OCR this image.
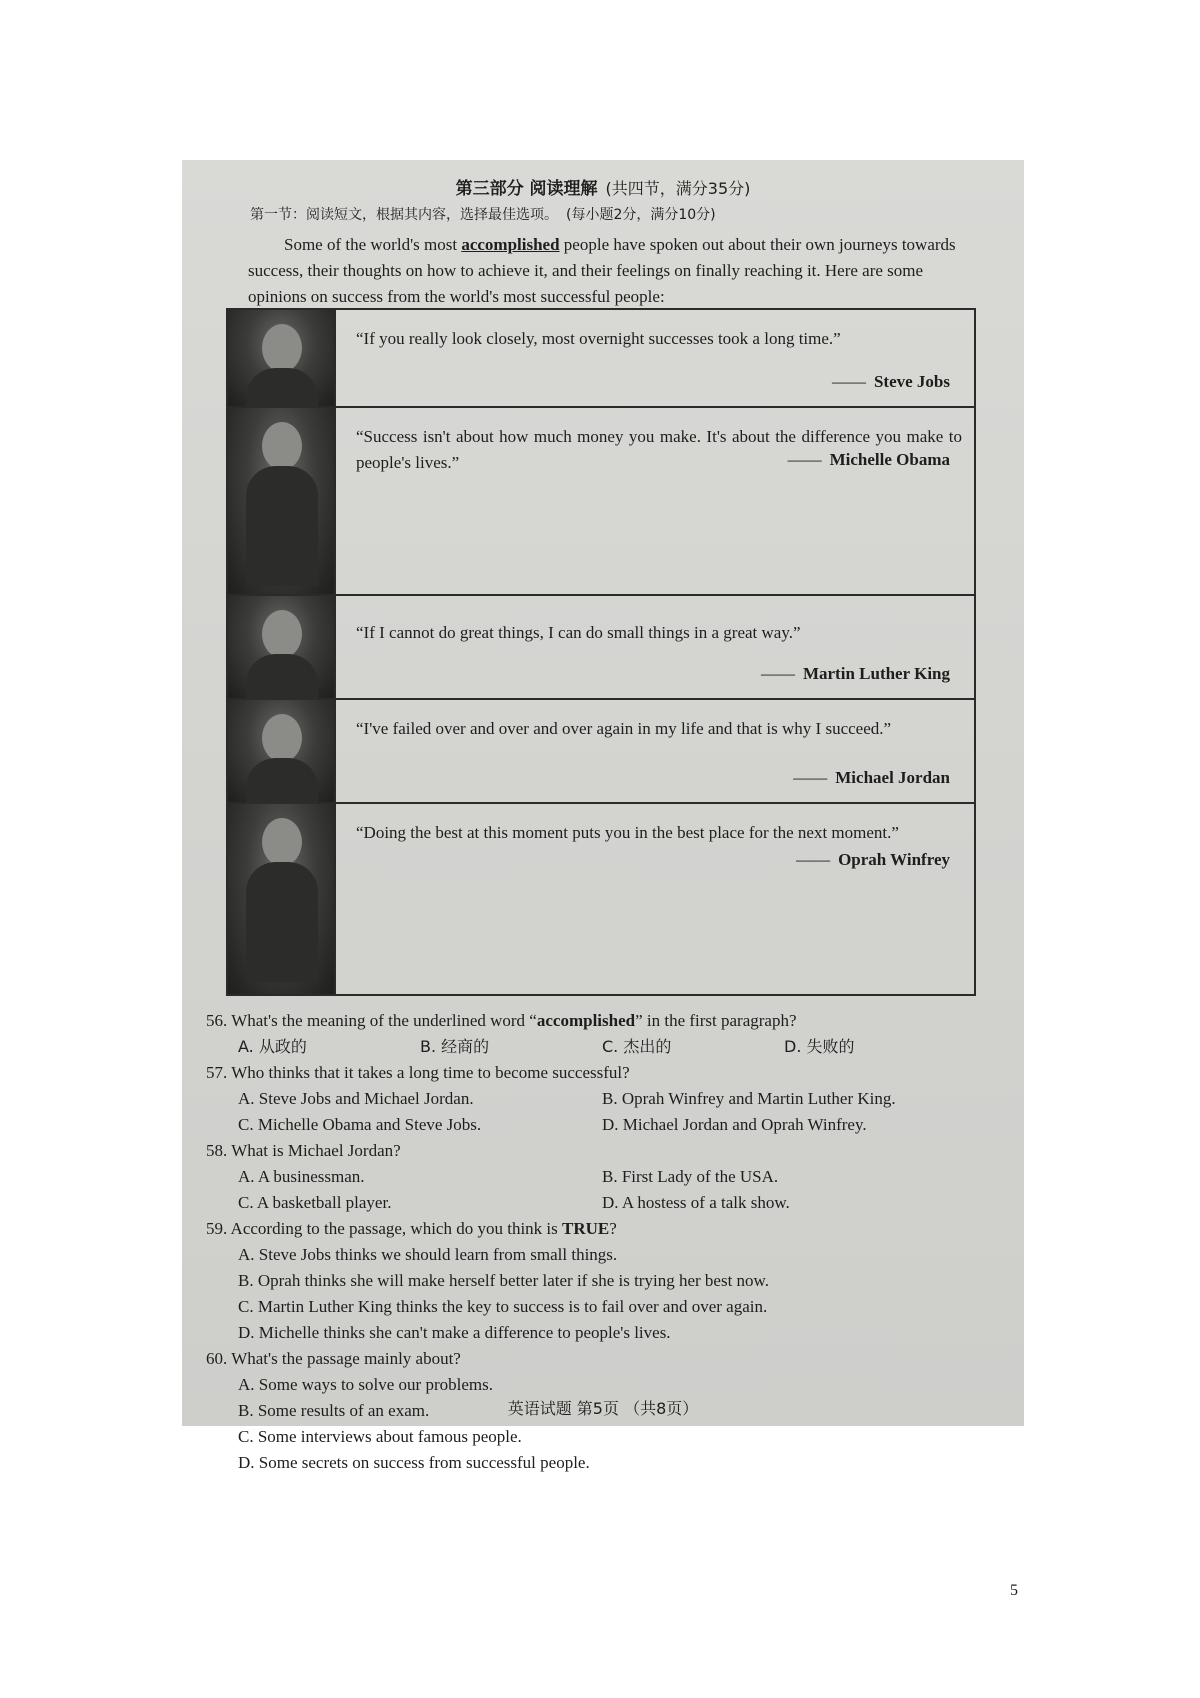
第三部分 阅读理解 (共四节，满分35分)
第一节：阅读短文，根据其内容，选择最佳选项。 (每小题2分，满分10分)
Some of the world's most accomplished people have spoken out about their own journeys towards success, their thoughts on how to achieve it, and their feelings on finally reaching it. Here are some opinions on success from the world's most successful people:
“If you really look closely, most overnight successes took a long time.”
—— Steve Jobs
“Success isn't about how much money you make. It's about the difference you make to people's lives.”	—— Michelle Obama
“If I cannot do great things, I can do small things in a great way.”
—— Martin Luther King
“I've failed over and over and over again in my life and that is why I succeed.”
—— Michael Jordan
“Doing the best at this moment puts you in the best place for the next moment.”
—— Oprah Winfrey

56. What's the meaning of the underlined word “accomplished” in the first paragraph?

A. 从政的	B. 经商的	C. 杰出的	D. 失败的

57. Who thinks that it takes a long time to become successful?

A. Steve Jobs and Michael Jordan.	B. Oprah Winfrey and Martin Luther King.
C. Michelle Obama and Steve Jobs.	D. Michael Jordan and Oprah Winfrey.

58. What is Michael Jordan?

A. A businessman.	B. First Lady of the USA.
C. A basketball player.	D. A hostess of a talk show.

59. According to the passage, which do you think is TRUE?

A. Steve Jobs thinks we should learn from small things.
B. Oprah thinks she will make herself better later if she is trying her best now.
C. Martin Luther King thinks the key to success is to fail over and over again.
D. Michelle thinks she can't make a difference to people's lives.

60. What's the passage mainly about?

A. Some ways to solve our problems.
B. Some results of an exam.
C. Some interviews about famous people.
D. Some secrets on success from successful people.
英语试题 第5页 （共8页）
5
